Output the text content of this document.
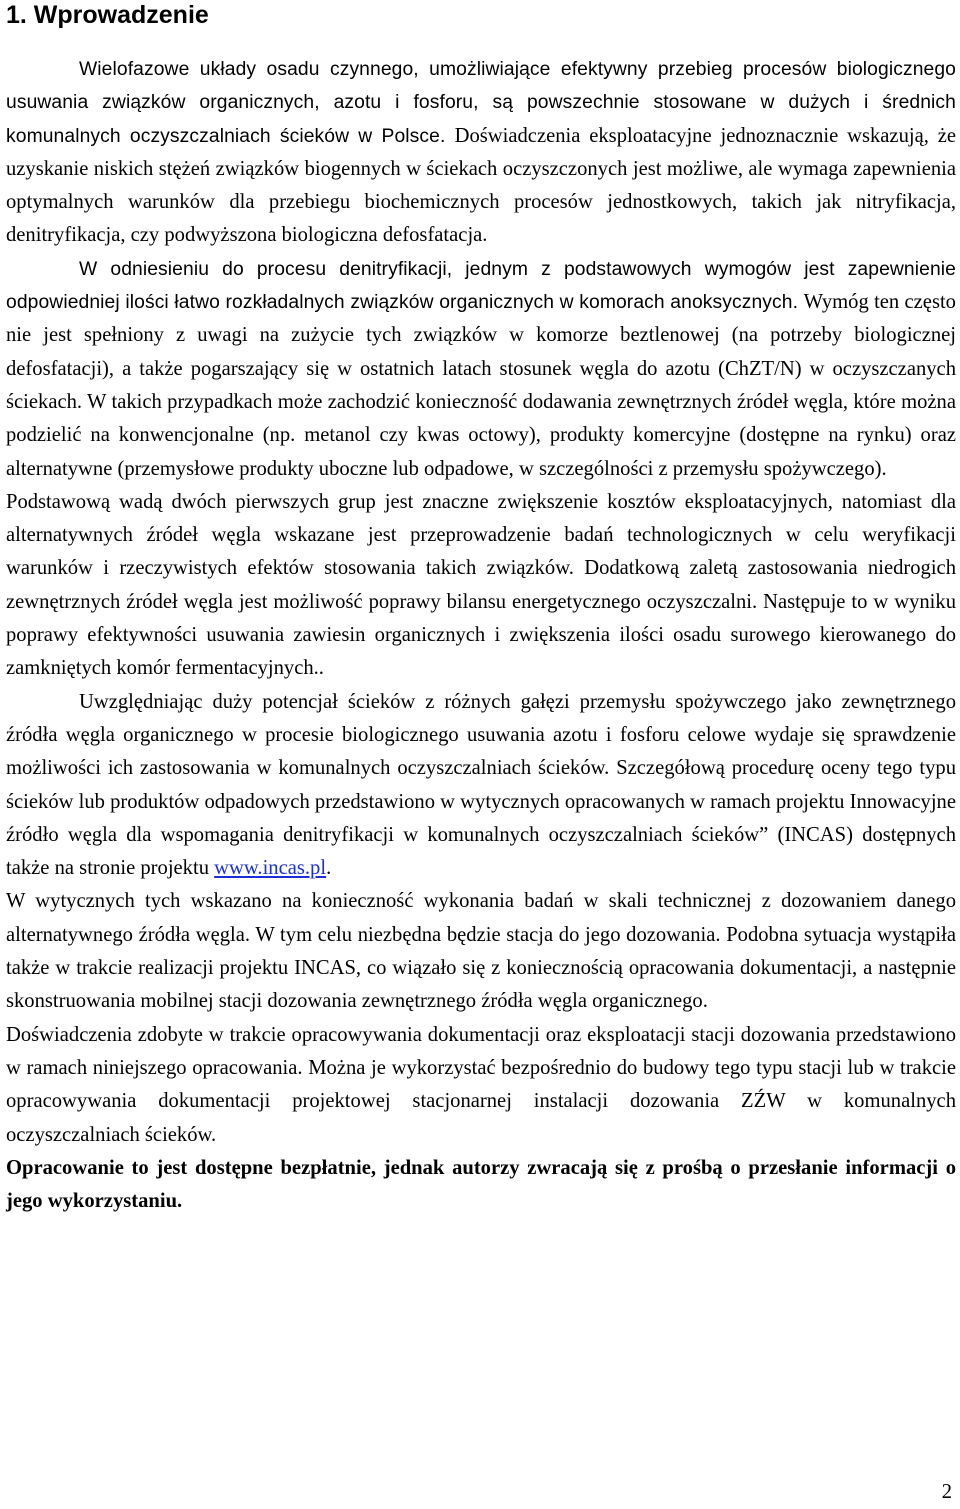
1. Wprowadzenie

Wielofazowe układy osadu czynnego, umożliwiające efektywny przebieg procesów biologicznego usuwania związków organicznych, azotu i fosforu, są powszechnie stosowane w dużych i średnich komunalnych oczyszczalniach ścieków w Polsce. Doświadczenia eksploatacyjne jednoznacznie wskazują, że uzyskanie niskich stężeń związków biogennych w ściekach oczyszczonych jest możliwe, ale wymaga zapewnienia optymalnych warunków dla przebiegu biochemicznych procesów jednostkowych, takich jak nitryfikacja, denitryfikacja, czy podwyższona biologiczna defosfatacja.

W odniesieniu do procesu denitryfikacji, jednym z podstawowych wymogów jest zapewnienie odpowiedniej ilości łatwo rozkładalnych związków organicznych w komorach anoksycznych. Wymóg ten często nie jest spełniony z uwagi na zużycie tych związków w komorze beztlenowej (na potrzeby biologicznej defosfatacji), a także pogarszający się w ostatnich latach stosunek węgla do azotu (ChZT/N) w oczyszczanych ściekach. W takich przypadkach może zachodzić konieczność dodawania zewnętrznych źródeł węgla, które można podzielić na konwencjonalne (np. metanol czy kwas octowy), produkty komercyjne (dostępne na rynku) oraz alternatywne (przemysłowe produkty uboczne lub odpadowe, w szczególności z przemysłu spożywczego).

Podstawową wadą dwóch pierwszych grup jest znaczne zwiększenie kosztów eksploatacyjnych, natomiast dla alternatywnych źródeł węgla wskazane jest przeprowadzenie badań technologicznych w celu weryfikacji warunków i rzeczywistych efektów stosowania takich związków. Dodatkową zaletą zastosowania niedrogich zewnętrznych źródeł węgla jest możliwość poprawy bilansu energetycznego oczyszczalni. Następuje to w wyniku poprawy efektywności usuwania zawiesin organicznych i zwiększenia ilości osadu surowego kierowanego do zamkniętych komór fermentacyjnych..

Uwzględniając duży potencjał ścieków z różnych gałęzi przemysłu spożywczego jako zewnętrznego źródła węgla organicznego w procesie biologicznego usuwania azotu i fosforu celowe wydaje się sprawdzenie możliwości ich zastosowania w komunalnych oczyszczalniach ścieków. Szczegółową procedurę oceny tego typu ścieków lub produktów odpadowych przedstawiono w wytycznych opracowanych w ramach projektu Innowacyjne źródło węgla dla wspomagania denitryfikacji w komunalnych oczyszczalniach ścieków” (INCAS) dostępnych także na stronie projektu www.incas.pl.

W wytycznych tych wskazano na konieczność wykonania badań w skali technicznej z dozowaniem danego alternatywnego źródła węgla. W tym celu niezbędna będzie stacja do jego dozowania. Podobna sytuacja wystąpiła także w trakcie realizacji projektu INCAS, co wiązało się z koniecznością opracowania dokumentacji, a następnie skonstruowania mobilnej stacji dozowania zewnętrznego źródła węgla organicznego.

Doświadczenia zdobyte w trakcie opracowywania dokumentacji oraz eksploatacji stacji dozowania przedstawiono w ramach niniejszego opracowania. Można je wykorzystać bezpośrednio do budowy tego typu stacji lub w trakcie opracowywania dokumentacji projektowej stacjonarnej instalacji dozowania ZŹW w komunalnych oczyszczalniach ścieków.

Opracowanie to jest dostępne bezpłatnie, jednak autorzy zwracają się z prośbą o przesłanie informacji o jego wykorzystaniu.

2
